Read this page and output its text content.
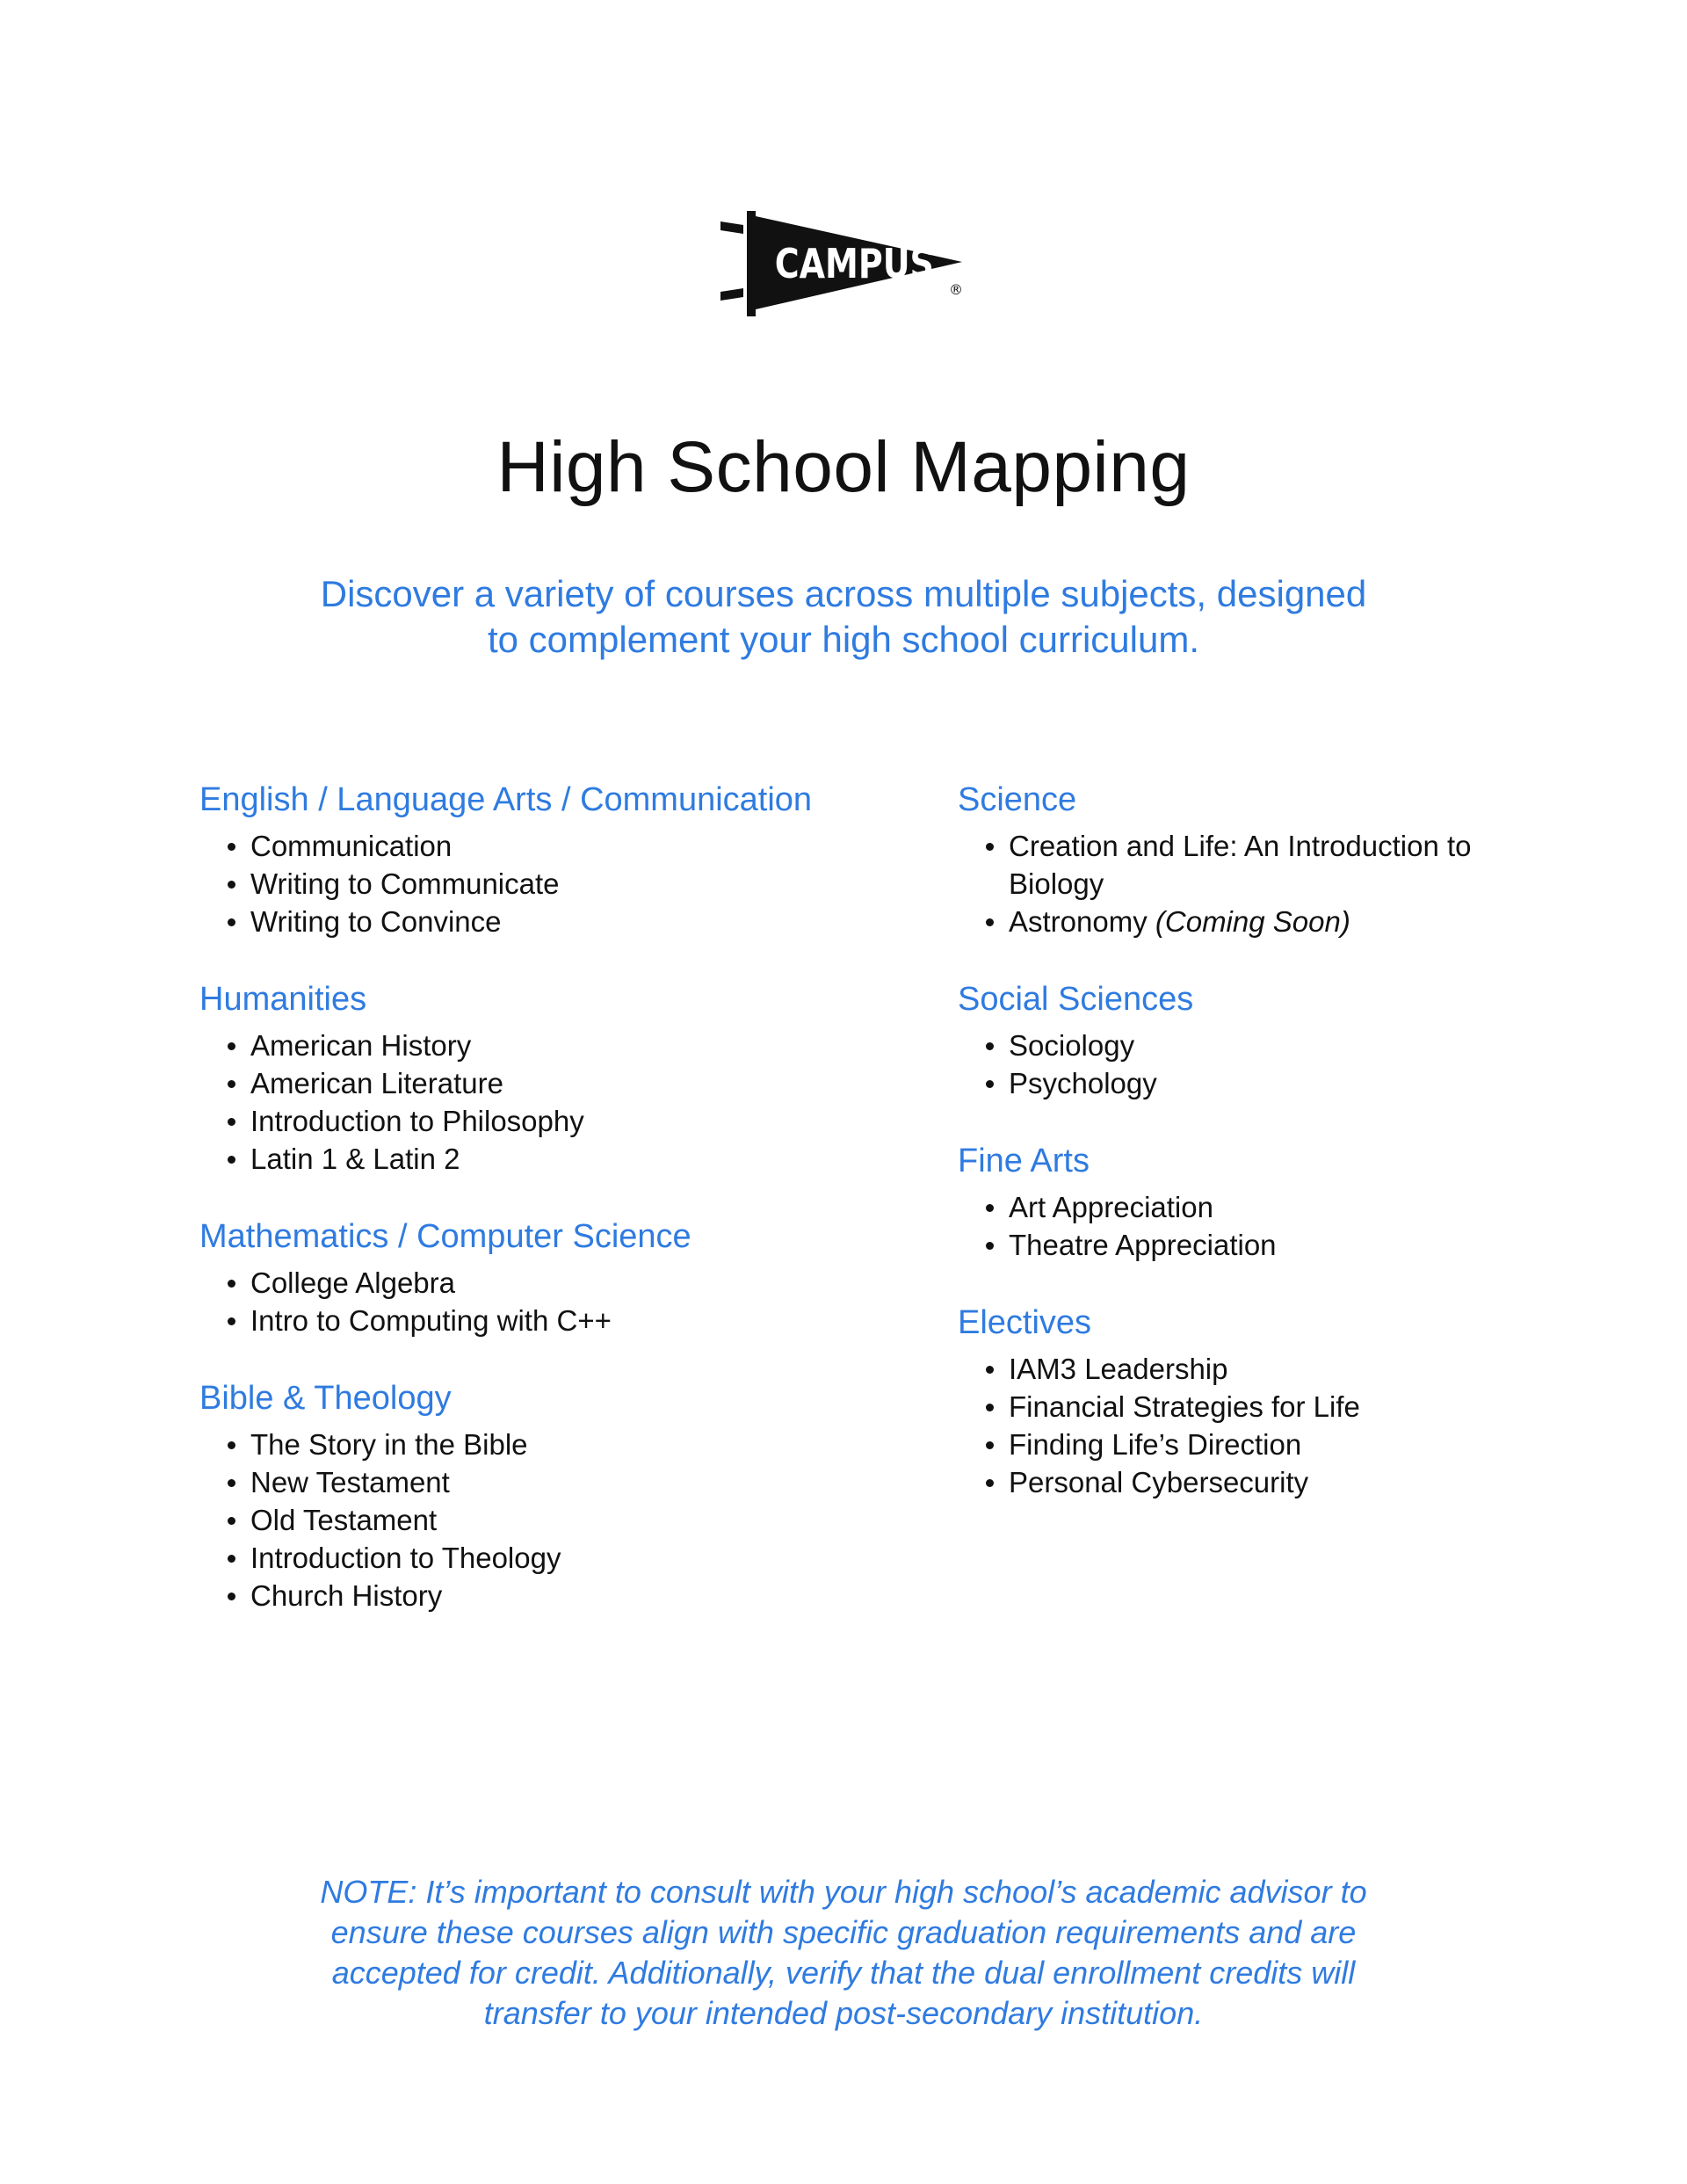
CAMPUS
®
High School Mapping

Discover a variety of courses across multiple subjects, designed
to complement your high school curriculum.

English / Language Arts / Communication
Communication
Writing to Communicate
Writing to Convince
Humanities
American History
American Literature
Introduction to Philosophy
Latin 1 & Latin 2
Mathematics / Computer Science
College Algebra
Intro to Computing with C++
Bible & Theology
The Story in the Bible
New Testament
Old Testament
Introduction to Theology
Church History
Science
Creation and Life: An Introduction to Biology
Astronomy (Coming Soon)
Social Sciences
Sociology
Psychology
Fine Arts
Art Appreciation
Theatre Appreciation
Electives
IAM3 Leadership
Financial Strategies for Life
Finding Life’s Direction
Personal Cybersecurity

NOTE: It’s important to consult with your high school’s academic advisor to
ensure these courses align with specific graduation requirements and are
accepted for credit. Additionally, verify that the dual enrollment credits will
transfer to your intended post-secondary institution.
